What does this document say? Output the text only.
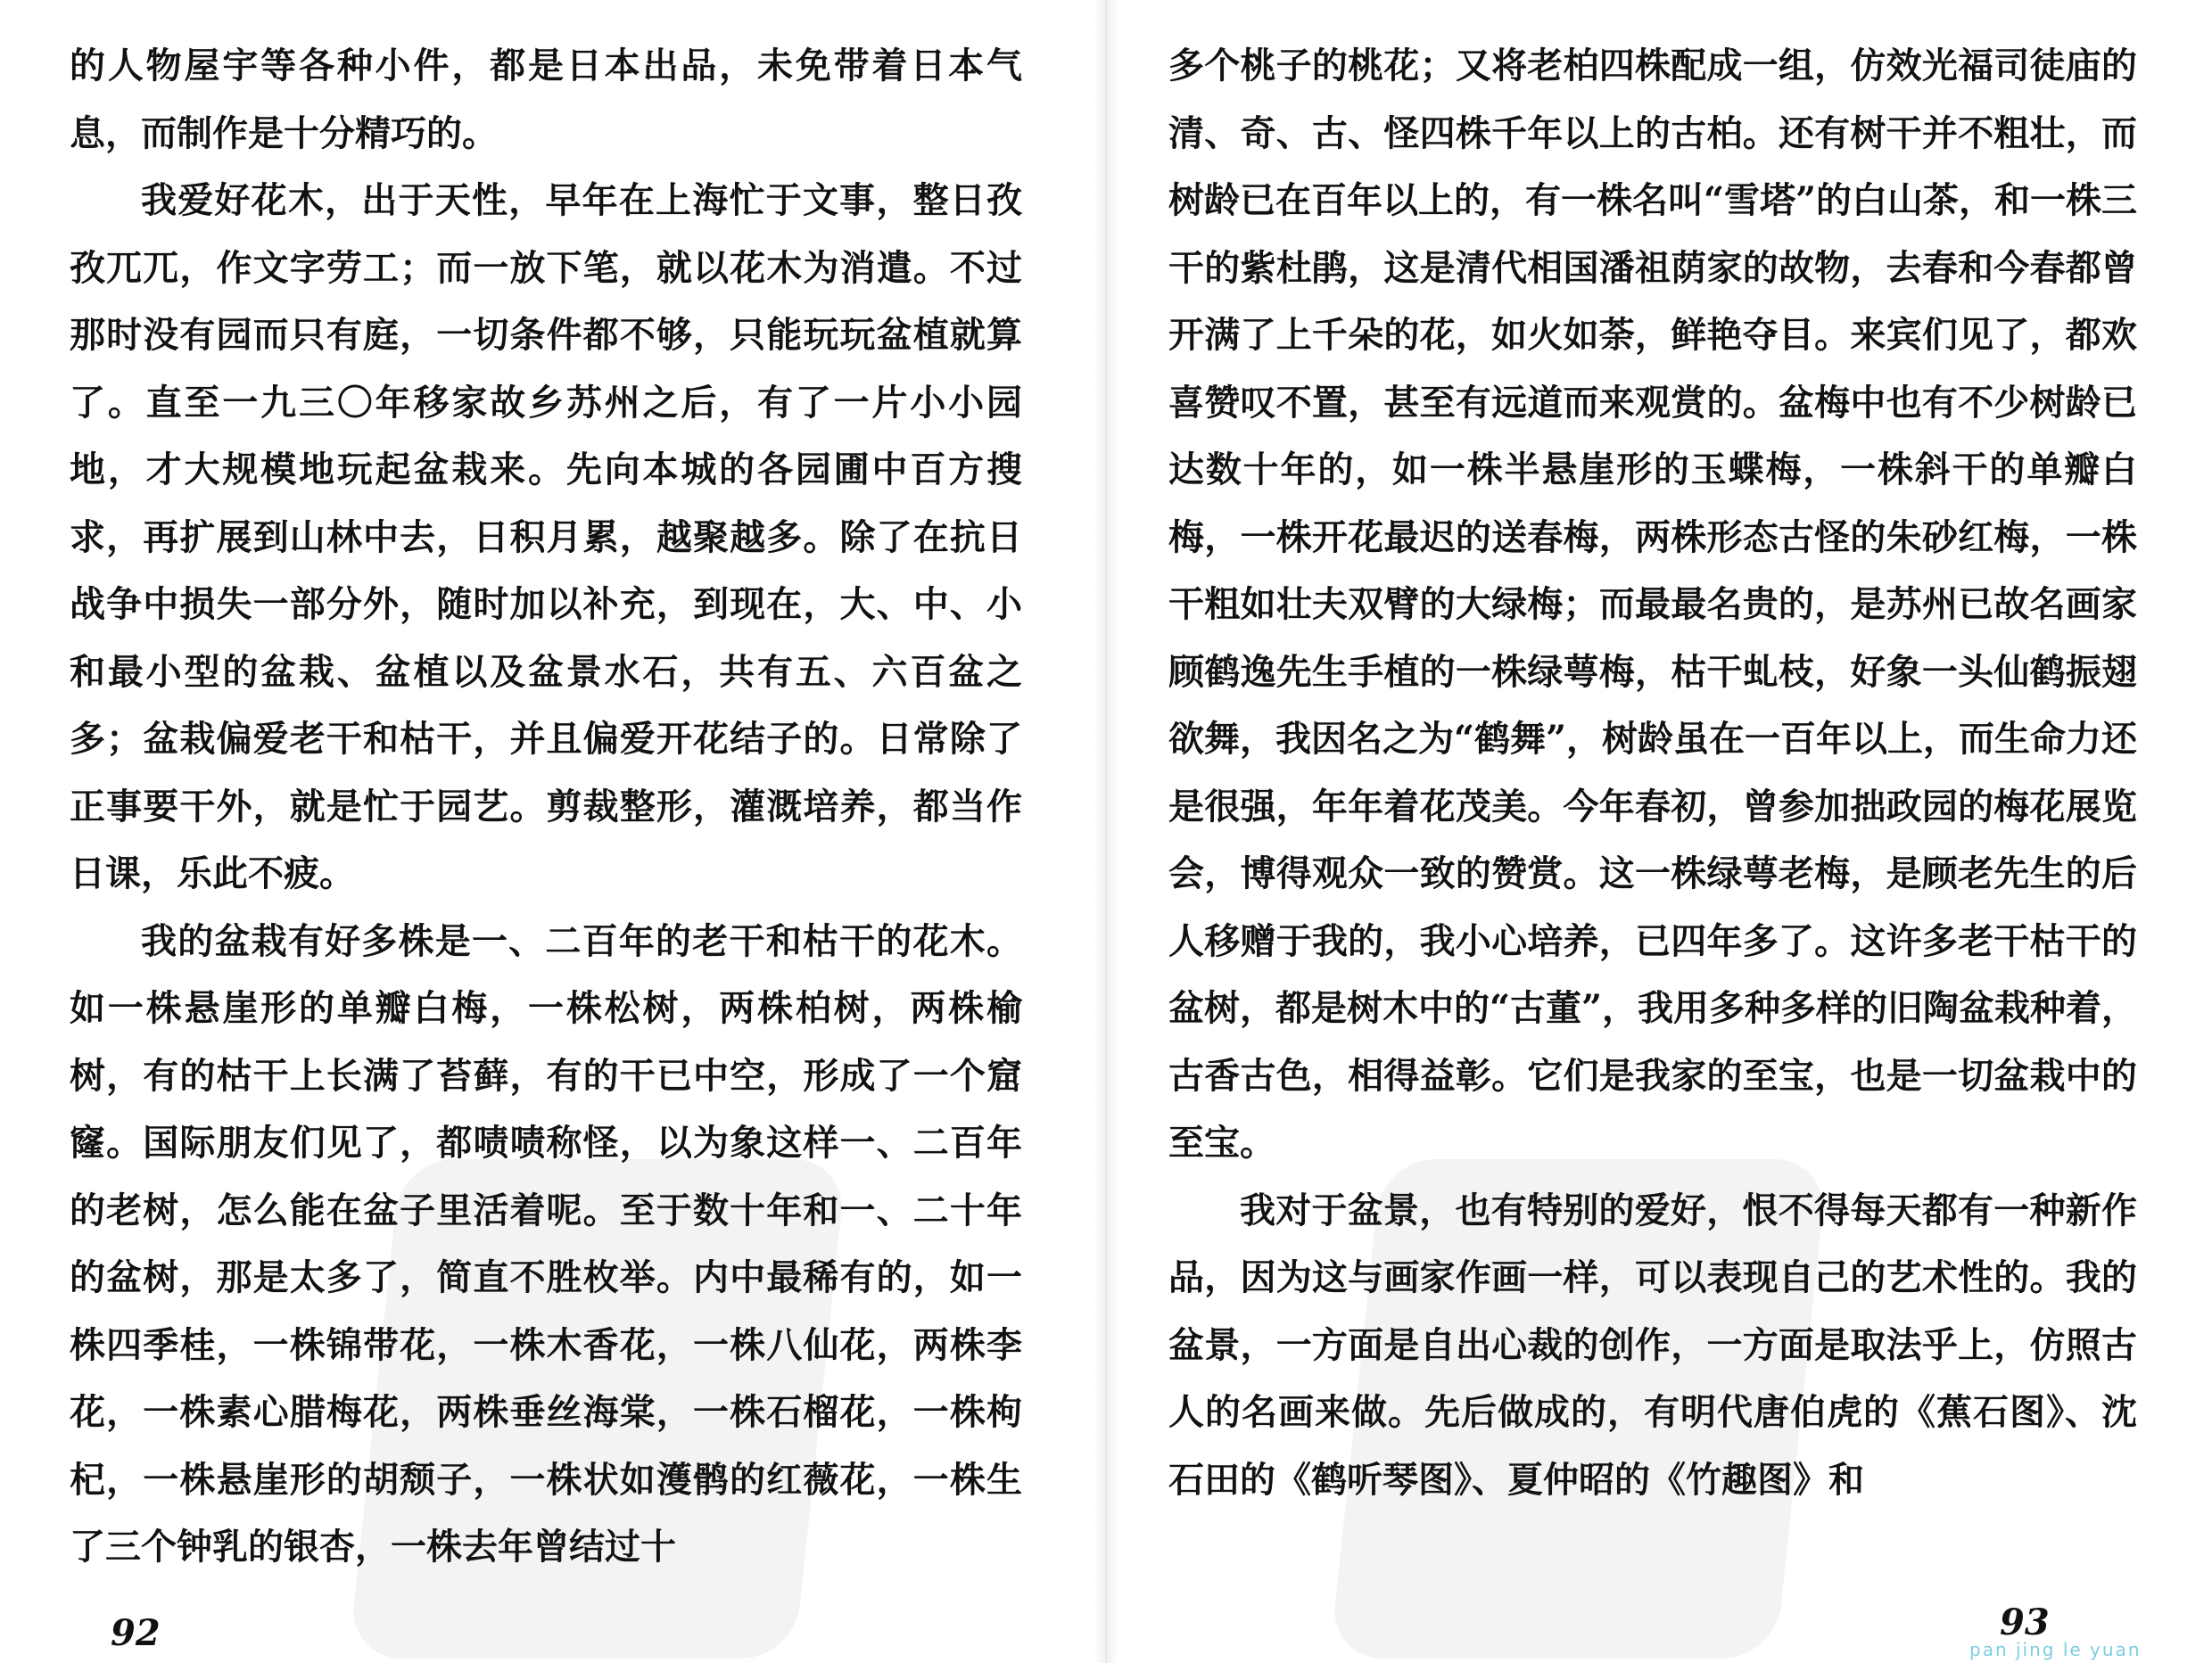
的人物屋宇等各种小件，都是日本出品，未免带着日本气息，而制作是十分精巧的。

我爱好花木，出于天性，早年在上海忙于文事，整日孜孜兀兀，作文字劳工；而一放下笔，就以花木为消遣。不过那时没有园而只有庭，一切条件都不够，只能玩玩盆植就算了。直至一九三〇年移家故乡苏州之后，有了一片小小园地，才大规模地玩起盆栽来。先向本城的各园圃中百方搜求，再扩展到山林中去，日积月累，越聚越多。除了在抗日战争中损失一部分外，随时加以补充，到现在，大、中、小和最小型的盆栽、盆植以及盆景水石，共有五、六百盆之多；盆栽偏爱老干和枯干，并且偏爱开花结子的。日常除了正事要干外，就是忙于园艺。剪裁整形，灌溉培养，都当作日课，乐此不疲。

我的盆栽有好多株是一、二百年的老干和枯干的花木。如一株悬崖形的单瓣白梅，一株松树，两株柏树，两株榆树，有的枯干上长满了苔藓，有的干已中空，形成了一个窟窿。国际朋友们见了，都啧啧称怪，以为象这样一、二百年的老树，怎么能在盆子里活着呢。至于数十年和一、二十年的盆树，那是太多了，简直不胜枚举。内中最稀有的，如一株四季桂，一株锦带花，一株木香花，一株八仙花，两株李花，一株素心腊梅花，两株垂丝海棠，一株石榴花，一株枸杞，一株悬崖形的胡颓子，一株状如濩鹘的红薇花，一株生了三个钟乳的银杏，一株去年曾结过十

92

多个桃子的桃花；又将老柏四株配成一组，仿效光福司徒庙的清、奇、古、怪四株千年以上的古柏。还有树干并不粗壮，而树龄已在百年以上的，有一株名叫“雪塔”的白山茶，和一株三干的紫杜鹃，这是清代相国潘祖荫家的故物，去春和今春都曾开满了上千朵的花，如火如荼，鲜艳夺目。来宾们见了，都欢喜赞叹不置，甚至有远道而来观赏的。盆梅中也有不少树龄已达数十年的，如一株半悬崖形的玉蝶梅，一株斜干的单瓣白梅，一株开花最迟的送春梅，两株形态古怪的朱砂红梅，一株干粗如壮夫双臂的大绿梅；而最最名贵的，是苏州已故名画家顾鹤逸先生手植的一株绿萼梅，枯干虬枝，好象一头仙鹤振翅欲舞，我因名之为“鹤舞”，树龄虽在一百年以上，而生命力还是很强，年年着花茂美。今年春初，曾参加拙政园的梅花展览会，博得观众一致的赞赏。这一株绿萼老梅，是顾老先生的后人移赠于我的，我小心培养，已四年多了。这许多老干枯干的盆树，都是树木中的“古董”，我用多种多样的旧陶盆栽种着，古香古色，相得益彰。它们是我家的至宝，也是一切盆栽中的至宝。

我对于盆景，也有特别的爱好，恨不得每天都有一种新作品，因为这与画家作画一样，可以表现自己的艺术性的。我的盆景，一方面是自出心裁的创作，一方面是取法乎上，仿照古人的名画来做。先后做成的，有明代唐伯虎的《蕉石图》、沈石田的《鹤听琴图》、夏仲昭的《竹趣图》和

93
pan jing le yuan
